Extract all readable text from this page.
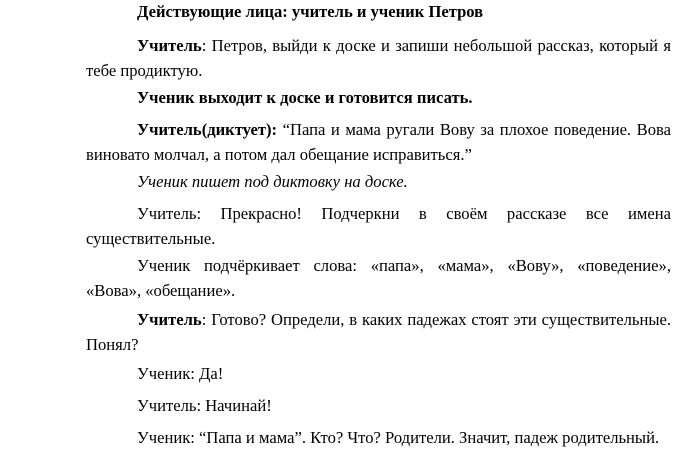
Действующие лица: учитель и ученик Петров

Учитель: Петров, выйди к доске и запиши небольшой рассказ, который я тебе продиктую.

Ученик выходит к доске и готовится писать.

Учитель(диктует): “Папа и мама ругали Вову за плохое поведение. Вова виновато молчал, а потом дал обещание исправиться.”

Ученик пишет под диктовку на доске.

Учитель: Прекрасно! Подчеркни в своём рассказе все имена существительные.

Ученик подчёркивает слова: «папа», «мама», «Вову», «поведение», «Вова», «обещание».

Учитель: Готово? Определи, в каких падежах стоят эти существительные. Понял?

Ученик: Да!

Учитель: Начинай!

Ученик: “Папа и мама”. Кто? Что? Родители. Значит, падеж родительный.
